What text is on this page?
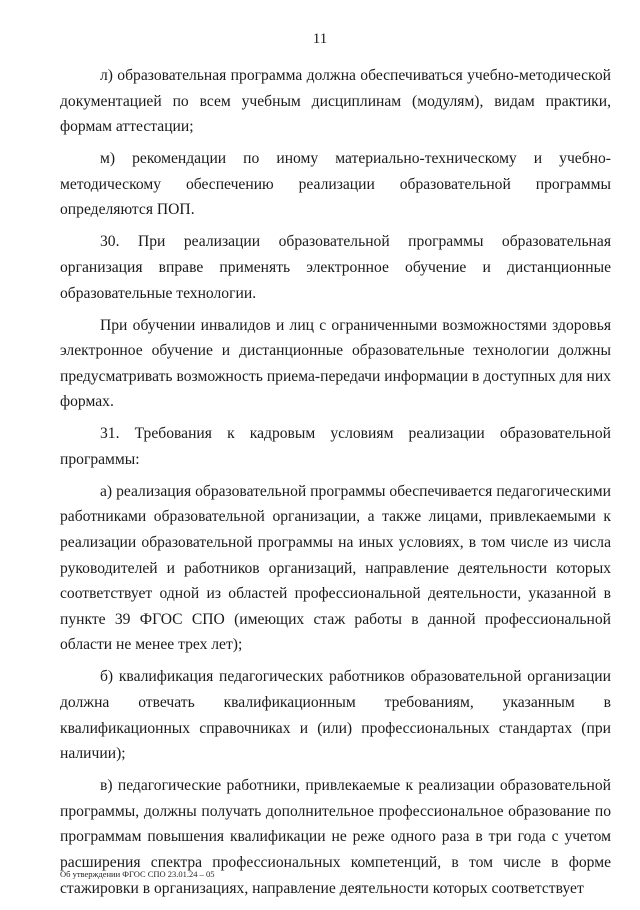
11

л) образовательная программа должна обеспечиваться учебно-методической документацией по всем учебным дисциплинам (модулям), видам практики, формам аттестации;

м) рекомендации по иному материально-техническому и учебно-методическому обеспечению реализации образовательной программы определяются ПОП.

30. При реализации образовательной программы образовательная организация вправе применять электронное обучение и дистанционные образовательные технологии.

При обучении инвалидов и лиц с ограниченными возможностями здоровья электронное обучение и дистанционные образовательные технологии должны предусматривать возможность приема-передачи информации в доступных для них формах.

31. Требования к кадровым условиям реализации образовательной программы:

а) реализация образовательной программы обеспечивается педагогическими работниками образовательной организации, а также лицами, привлекаемыми к реализации образовательной программы на иных условиях, в том числе из числа руководителей и работников организаций, направление деятельности которых соответствует одной из областей профессиональной деятельности, указанной в пункте 39 ФГОС СПО (имеющих стаж работы в данной профессиональной области не менее трех лет);

б) квалификация педагогических работников образовательной организации должна отвечать квалификационным требованиям, указанным в квалификационных справочниках и (или) профессиональных стандартах (при наличии);

в) педагогические работники, привлекаемые к реализации образовательной программы, должны получать дополнительное профессиональное образование по программам повышения квалификации не реже одного раза в три года с учетом расширения спектра профессиональных компетенций, в том числе в форме стажировки в организациях, направление деятельности которых соответствует

Об утверждении ФГОС СПО 23.01.24 – 05
